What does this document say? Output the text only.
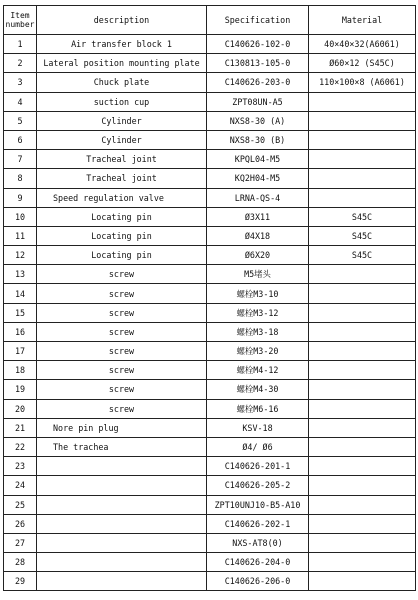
Item
number	description	Specification	Material
1	Air transfer block 1	C140626-102-0	40×40×32(A6061)
2	Lateral position mounting plate	C130813-105-0	Ø60×12 (S45C)
3	Chuck plate	C140626-203-0	110×100×8 (A6061)
4	suction cup	ZPT08UN-A5	
5	Cylinder	NXS8-30 (A)	
6	Cylinder	NXS8-30 (B)	
7	Tracheal joint	KPQL04-M5	
8	Tracheal joint	KQ2H04-M5	
9	Speed regulation valve	LRNA-QS-4	
10	Locating pin	Ø3X11	S45C
11	Locating pin	Ø4X18	S45C
12	Locating pin	Ø6X20	S45C
13	screw	M5堵头	
14	screw	螺栓M3-10	
15	screw	螺栓M3-12	
16	screw	螺栓M3-18	
17	screw	螺栓M3-20	
18	screw	螺栓M4-12	
19	screw	螺栓M4-30	
20	screw	螺栓M6-16	
21	Nore pin plug	KSV-18	
22	The trachea	Ø4/ Ø6	
23		C140626-201-1	
24		C140626-205-2	
25		ZPT10UNJ10-B5-A10	
26		C140626-202-1	
27		NXS-AT8(0)	
28		C140626-204-0	
29		C140626-206-0	
